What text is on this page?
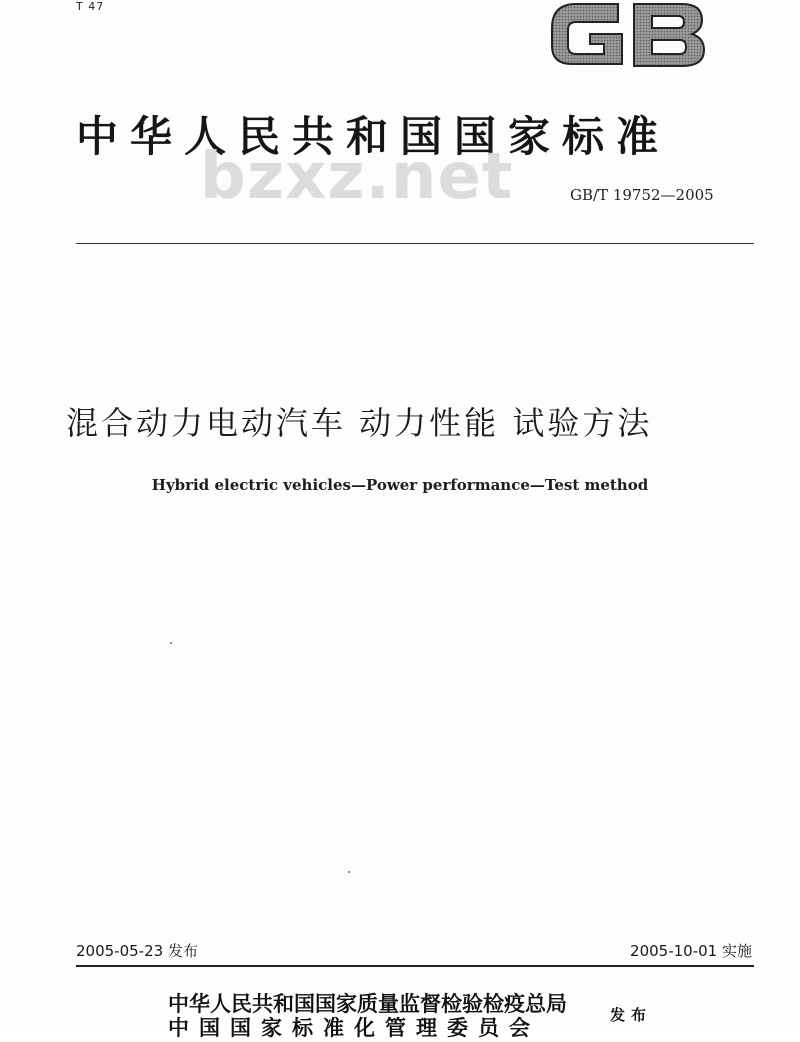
T 47
中华人民共和国国家标准
bzxz.net	GB/T 19752—2005
混合动力电动汽车 动力性能 试验方法
Hybrid electric vehicles—Power performance—Test method
2005-05-23 发布	2005-10-01 实施
中华人民共和国国家质量监督检验检疫总局
中国国家标准化管理委员会	发布
